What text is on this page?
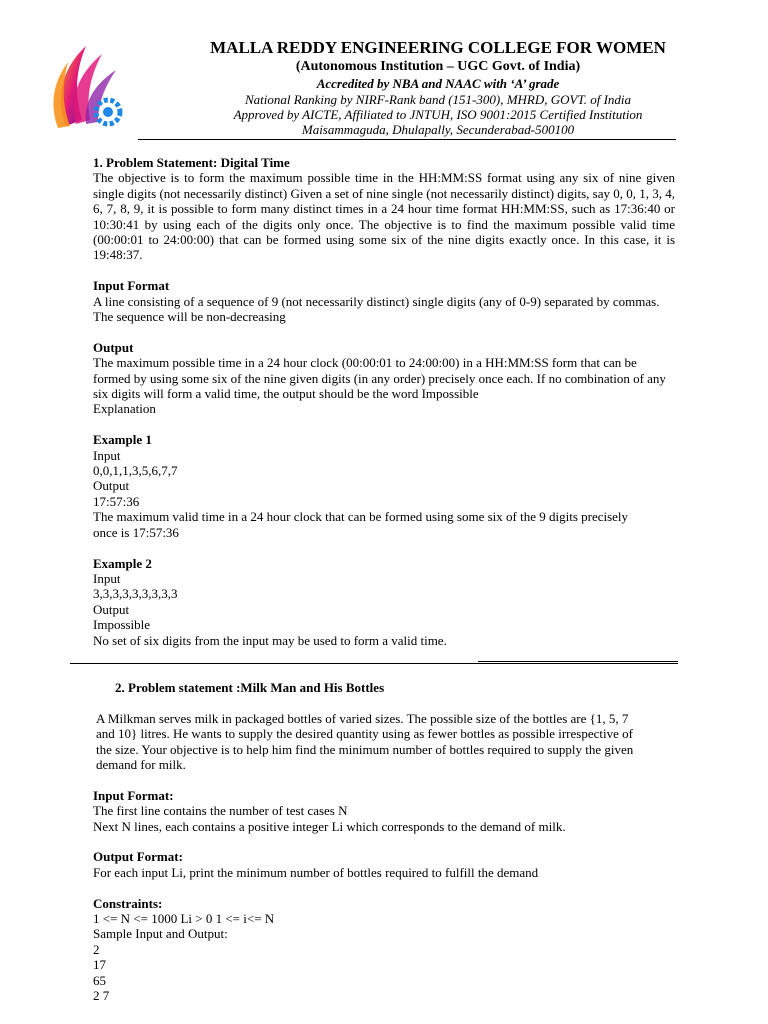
MALLA REDDY ENGINEERING COLLEGE FOR WOMEN
(Autonomous Institution – UGC Govt. of India)
Accredited by NBA and NAAC with ‘A’ grade
National Ranking by NIRF-Rank band (151-300), MHRD, GOVT. of India
Approved by AICTE, Affiliated to JNTUH, ISO 9001:2015 Certified Institution
Maisammaguda, Dhulapally, Secunderabad-500100

1. Problem Statement: Digital Time

The objective is to form the maximum possible time in the HH:MM:SS format using any six of nine given single digits (not necessarily distinct) Given a set of nine single (not necessarily distinct) digits, say 0, 0, 1, 3, 4, 6, 7, 8, 9, it is possible to form many distinct times in a 24 hour time format HH:MM:SS, such as 17:36:40 or 10:30:41 by using each of the digits only once. The objective is to find the maximum possible valid time (00:00:01 to 24:00:00) that can be formed using some six of the nine digits exactly once. In this case, it is 19:48:37.

Input Format

A line consisting of a sequence of 9 (not necessarily distinct) single digits (any of 0-9) separated by commas. The sequence will be non-decreasing

Output

The maximum possible time in a 24 hour clock (00:00:01 to 24:00:00) in a HH:MM:SS form that can be formed by using some six of the nine given digits (in any order) precisely once each. If no combination of any six digits will form a valid time, the output should be the word Impossible

Explanation

Example 1

Input

0,0,1,1,3,5,6,7,7

Output

17:57:36

The maximum valid time in a 24 hour clock that can be formed using some six of the 9 digits precisely

once is 17:57:36

Example 2

Input

3,3,3,3,3,3,3,3,3

Output

Impossible

No set of six digits from the input may be used to form a valid time.

2. Problem statement :Milk Man and His Bottles

A Milkman serves milk in packaged bottles of varied sizes. The possible size of the bottles are {1, 5, 7 and 10} litres. He wants to supply the desired quantity using as fewer bottles as possible irrespective of the size. Your objective is to help him find the minimum number of bottles required to supply the given demand for milk.

Input Format:

The first line contains the number of test cases N

Next N lines, each contains a positive integer Li which corresponds to the demand of milk.

Output Format:

For each input Li, print the minimum number of bottles required to fulfill the demand

Constraints:

1 <= N <= 1000 Li > 0 1 <= i<= N

Sample Input and Output:

2

17

65

2 7
